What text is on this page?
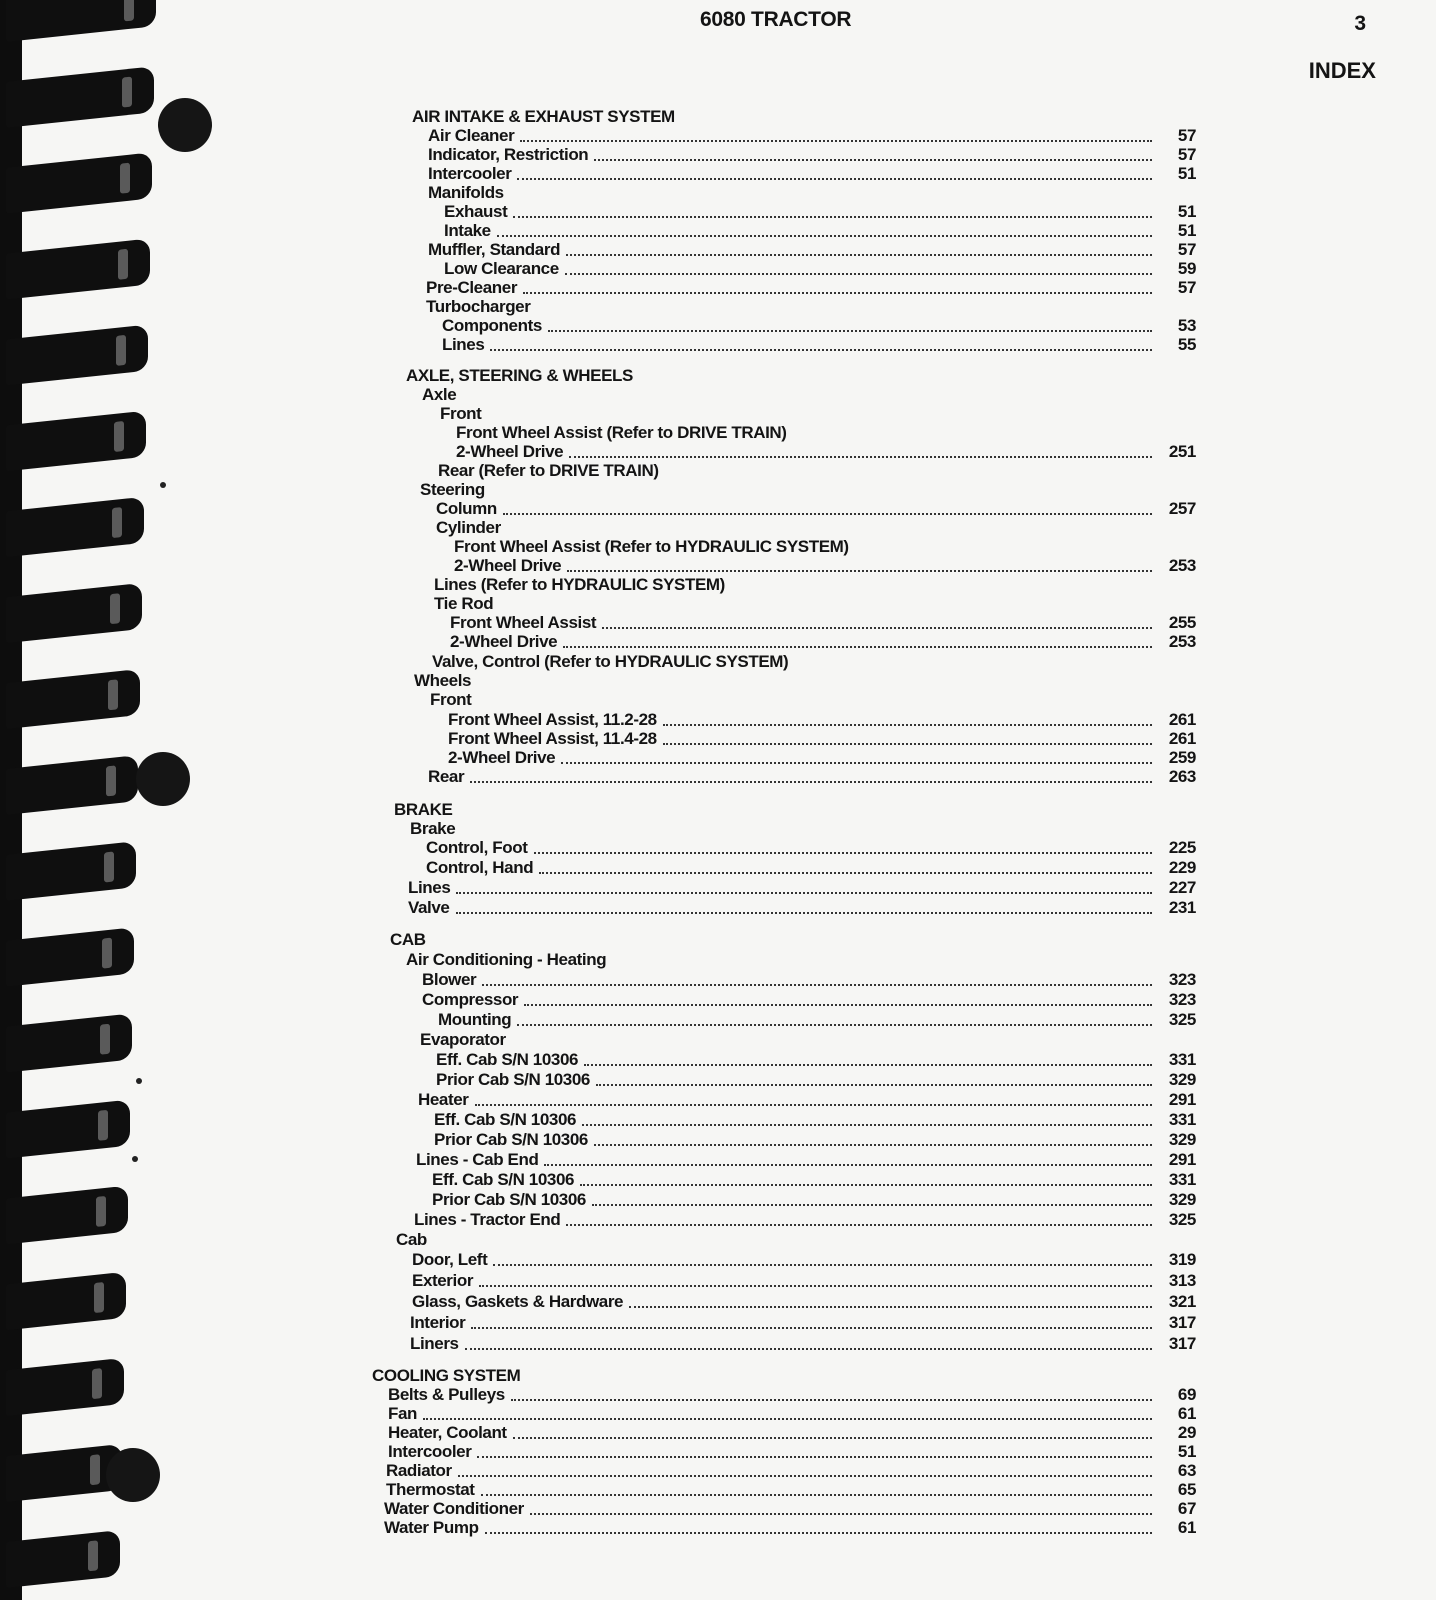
6080 TRACTOR	3
INDEX
AIR INTAKE & EXHAUST SYSTEM
Air Cleaner	57
Indicator, Restriction	57
Intercooler	51
Manifolds
Exhaust	51
Intake	51
Muffler, Standard	57
Low Clearance	59
Pre-Cleaner	57
Turbocharger
Components	53
Lines	55
AXLE, STEERING & WHEELS
Axle
Front
Front Wheel Assist (Refer to DRIVE TRAIN)
2-Wheel Drive	251
Rear (Refer to DRIVE TRAIN)
Steering
Column	257
Cylinder
Front Wheel Assist (Refer to HYDRAULIC SYSTEM)
2-Wheel Drive	253
Lines (Refer to HYDRAULIC SYSTEM)
Tie Rod
Front Wheel Assist	255
2-Wheel Drive	253
Valve, Control (Refer to HYDRAULIC SYSTEM)
Wheels
Front
Front Wheel Assist, 11.2-28	261
Front Wheel Assist, 11.4-28	261
2-Wheel Drive	259
Rear	263
BRAKE
Brake
Control, Foot	225
Control, Hand	229
Lines	227
Valve	231
CAB
Air Conditioning - Heating
Blower	323
Compressor	323
Mounting	325
Evaporator
Eff. Cab S/N 10306	331
Prior Cab S/N 10306	329
Heater	291
Eff. Cab S/N 10306	331
Prior Cab S/N 10306	329
Lines - Cab End	291
Eff. Cab S/N 10306	331
Prior Cab S/N 10306	329
Lines - Tractor End	325
Cab
Door, Left	319
Exterior	313
Glass, Gaskets & Hardware	321
Interior	317
Liners	317
COOLING SYSTEM
Belts & Pulleys	69
Fan	61
Heater, Coolant	29
Intercooler	51
Radiator	63
Thermostat	65
Water Conditioner	67
Water Pump	61
